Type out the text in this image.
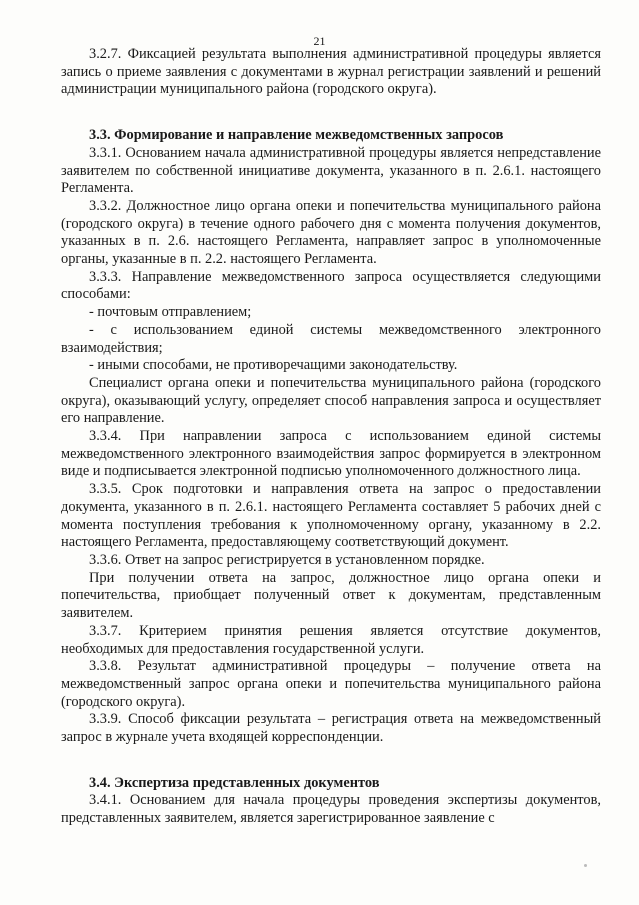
21

3.2.7. Фиксацией результата выполнения административной процедуры является запись о приеме заявления с документами в журнал регистрации заявлений и решений администрации муниципального района (городского округа).

3.3. Формирование и направление межведомственных запросов

3.3.1. Основанием начала административной процедуры является непредставление заявителем по собственной инициативе документа, указанного в п. 2.6.1. настоящего Регламента.

3.3.2. Должностное лицо органа опеки и попечительства муниципального района (городского округа) в течение одного рабочего дня с момента получения документов, указанных в п. 2.6. настоящего Регламента, направляет запрос в уполномоченные органы, указанные в п. 2.2. настоящего Регламента.

3.3.3. Направление межведомственного запроса осуществляется следующими способами:

- почтовым отправлением;

- с использованием единой системы межведомственного электронного взаимодействия;

- иными способами, не противоречащими законодательству.

Специалист органа опеки и попечительства муниципального района (городского округа), оказывающий услугу, определяет способ направления запроса и осуществляет его направление.

3.3.4. При направлении запроса с использованием единой системы межведомственного электронного взаимодействия запрос формируется в электронном виде и подписывается электронной подписью уполномоченного должностного лица.

3.3.5. Срок подготовки и направления ответа на запрос о предоставлении документа, указанного в п. 2.6.1. настоящего Регламента составляет 5 рабочих дней с момента поступления требования к уполномоченному органу, указанному в 2.2. настоящего Регламента, предоставляющему соответствующий документ.

3.3.6. Ответ на запрос регистрируется в установленном порядке.

При получении ответа на запрос, должностное лицо органа опеки и попечительства, приобщает полученный ответ к документам, представленным заявителем.

3.3.7. Критерием принятия решения является отсутствие документов, необходимых для предоставления государственной услуги.

3.3.8. Результат административной процедуры – получение ответа на межведомственный запрос органа опеки и попечительства муниципального района (городского округа).

3.3.9. Способ фиксации результата – регистрация ответа на межведомственный запрос в журнале учета входящей корреспонденции.

3.4. Экспертиза представленных документов

3.4.1. Основанием для начала процедуры проведения экспертизы документов, представленных заявителем, является зарегистрированное заявление с
